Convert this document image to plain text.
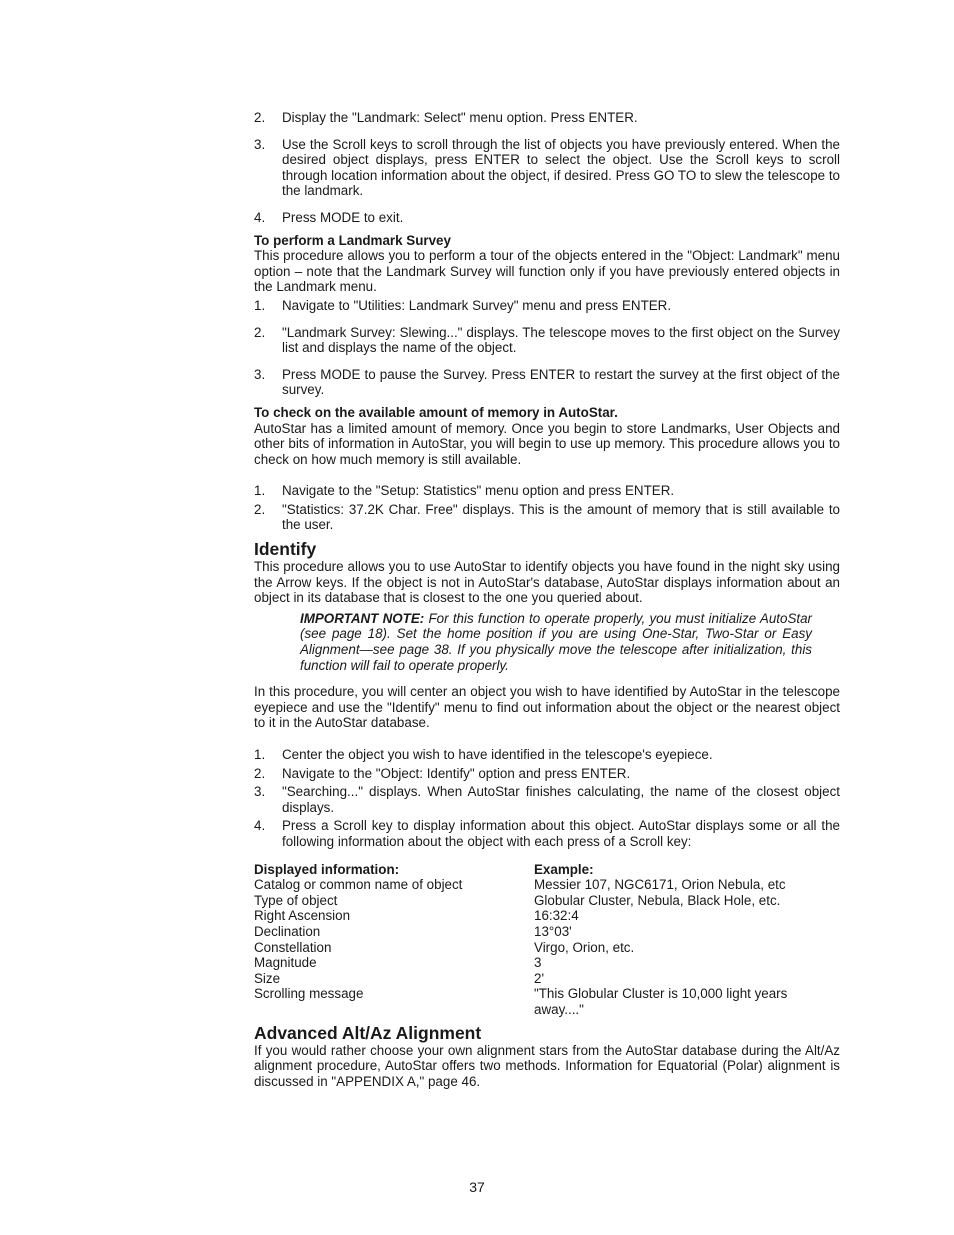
2.	Display the "Landmark: Select" menu option. Press ENTER.
3.	Use the Scroll keys to scroll through the list of objects you have previously entered. When the desired object displays, press ENTER to select the object. Use the Scroll keys to scroll through location information about the object, if desired. Press GO TO to slew the telescope to the landmark.
4.	Press MODE to exit.

To perform a Landmark Survey

This procedure allows you to perform a tour of the objects entered in the "Object: Landmark" menu option – note that the Landmark Survey will function only if you have previously entered objects in the Landmark menu.

1.	Navigate to "Utilities: Landmark Survey" menu and press ENTER.
2.	"Landmark Survey: Slewing..." displays. The telescope moves to the first object on the Survey list and displays the name of the object.
3.	Press MODE to pause the Survey. Press ENTER to restart the survey at the first object of the survey.

To check on the available amount of memory in AutoStar.

AutoStar has a limited amount of memory. Once you begin to store Landmarks, User Objects and other bits of information in AutoStar, you will begin to use up memory. This procedure allows you to check on how much memory is still available.

1.	Navigate to the "Setup: Statistics" menu option and press ENTER.
2.	"Statistics: 37.2K Char. Free" displays. This is the amount of memory that is still available to the user.
Identify

This procedure allows you to use AutoStar to identify objects you have found in the night sky using the Arrow keys. If the object is not in AutoStar's database, AutoStar displays information about an object in its database that is closest to the one you queried about.

IMPORTANT NOTE: For this function to operate properly, you must initialize AutoStar (see page 18). Set the home position if you are using One-Star, Two-Star or Easy Alignment—see page 38. If you physically move the telescope after initialization, this function will fail to operate properly.

In this procedure, you will center an object you wish to have identified by AutoStar in the telescope eyepiece and use the "Identify" menu to find out information about the object or the nearest object to it in the AutoStar database.

1.	Center the object you wish to have identified in the telescope's eyepiece.
2.	Navigate to the "Object: Identify" option and press ENTER.
3.	"Searching..." displays. When AutoStar finishes calculating, the name of the closest object displays.
4.	Press a Scroll key to display information about this object. AutoStar displays some or all the following information about the object with each press of a Scroll key:
Displayed information:	Example:
Catalog or common name of object	Messier 107, NGC6171, Orion Nebula, etc
Type of object	Globular Cluster, Nebula, Black Hole, etc.
Right Ascension	16:32:4
Declination	13°03'
Constellation	Virgo, Orion, etc.
Magnitude	3
Size	2'
Scrolling message	"This Globular Cluster is 10,000 light years away...."
Advanced Alt/Az Alignment

If you would rather choose your own alignment stars from the AutoStar database during the Alt/Az alignment procedure, AutoStar offers two methods. Information for Equatorial (Polar) alignment is discussed in "APPENDIX A," page 46.

37
